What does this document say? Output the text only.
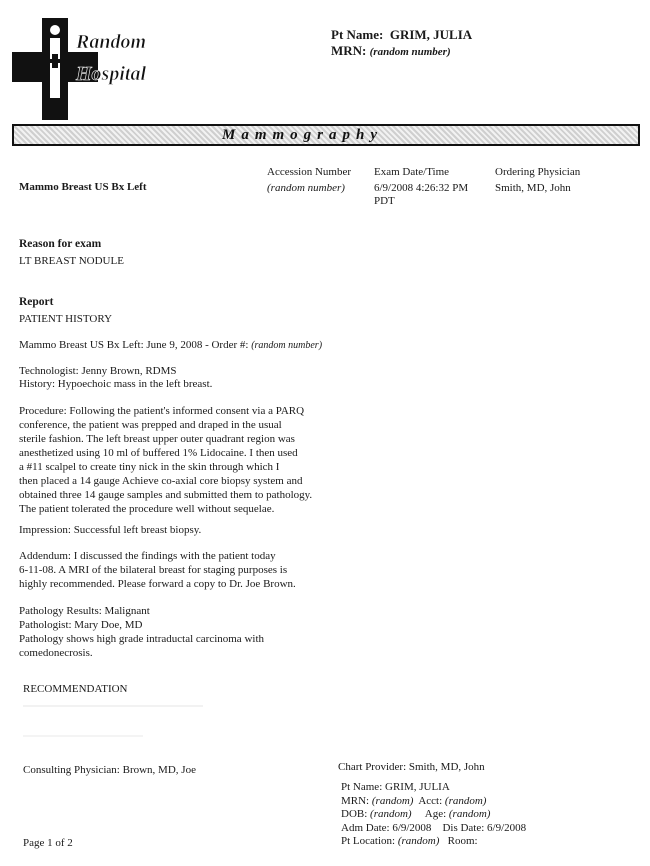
Random
Hospital
Pt Name: GRIM, JULIA
MRN: (random number)
Mammography
Mammo Breast US Bx Left
Accession Number
(random number)
Exam Date/Time
6/9/2008 4:26:32 PM
PDT
Ordering Physician
Smith, MD, John
Reason for exam
LT BREAST NODULE
Report
PATIENT HISTORY
Mammo Breast US Bx Left: June 9, 2008 - Order #: (random number)
Technologist: Jenny Brown, RDMS
History: Hypoechoic mass in the left breast.

Procedure: Following the patient's informed consent via a PARQ

conference, the patient was prepped and draped in the usual

sterile fashion. The left breast upper outer quadrant region was

anesthetized using 10 ml of buffered 1% Lidocaine. I then used

a #11 scalpel to create tiny nick in the skin through which I

then placed a 14 gauge Achieve co-axial core biopsy system and

obtained three 14 gauge samples and submitted them to pathology.

The patient tolerated the procedure well without sequelae.

Impression: Successful left breast biopsy.

Addendum: I discussed the findings with the patient today

6-11-08. A MRI of the bilateral breast for staging purposes is

highly recommended. Please forward a copy to Dr. Joe Brown.

Pathology Results: Malignant

Pathologist: Mary Doe, MD

Pathology shows high grade intraductal carcinoma with

comedonecrosis.

RECOMMENDATION
Consulting Physician: Brown, MD, Joe	Chart Provider: Smith, MD, John
Pt Name: GRIM, JULIA
MRN: (random) Acct: (random)
DOB: (random) Age: (random)
Adm Date: 6/9/2008 Dis Date: 6/9/2008
Pt Location: (random) Room:
Page 1 of 2
